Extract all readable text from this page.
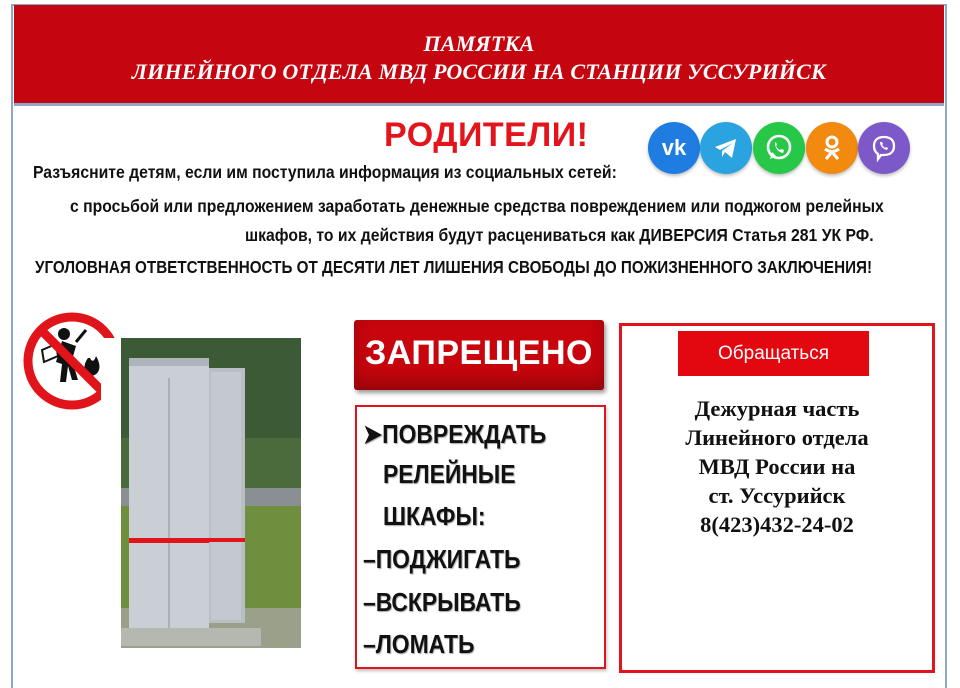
ПАМЯТКА
ЛИНЕЙНОГО ОТДЕЛА МВД РОССИИ НА СТАНЦИИ УССУРИЙСК
РОДИТЕЛИ!	vk
Разъясните детям, если им поступила информация из социальных сетей:
с просьбой или предложением заработать денежные средства повреждением или поджогом релейных
шкафов, то их действия будут расцениваться как ДИВЕРСИЯ Статья 281 УК РФ.
УГОЛОВНАЯ ОТВЕТСТВЕННОСТЬ ОТ ДЕСЯТИ ЛЕТ ЛИШЕНИЯ СВОБОДЫ ДО ПОЖИЗНЕННОГО ЗАКЛЮЧЕНИЯ!
ЗАПРЕЩЕНО
➤ПОВРЕЖДАТЬ
РЕЛЕЙНЫЕ
ШКАФЫ:
–ПОДЖИГАТЬ
–ВСКРЫВАТЬ
–ЛОМАТЬ
Обращаться
Дежурная часть
Линейного отдела
МВД России на
ст. Уссурийск
8(423)432-24-02
